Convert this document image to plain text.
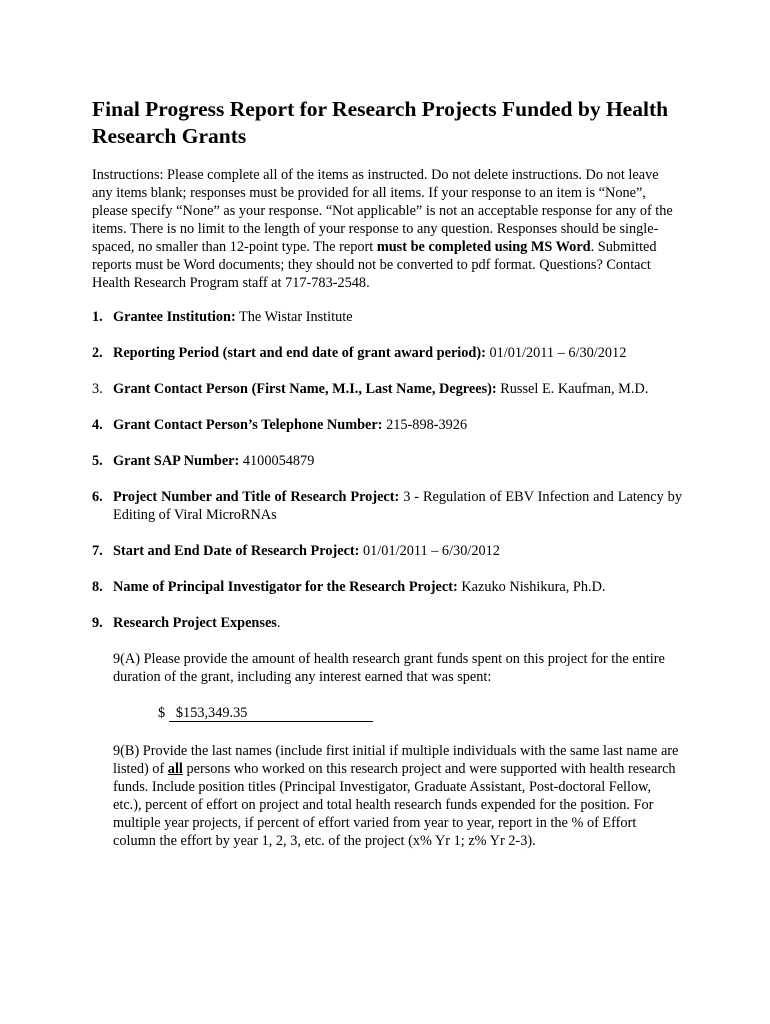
Final Progress Report for Research Projects Funded by Health Research Grants
Instructions: Please complete all of the items as instructed. Do not delete instructions. Do not leave any items blank; responses must be provided for all items. If your response to an item is “None”, please specify “None” as your response. “Not applicable” is not an acceptable response for any of the items. There is no limit to the length of your response to any question. Responses should be single-spaced, no smaller than 12-point type. The report must be completed using MS Word. Submitted reports must be Word documents; they should not be converted to pdf format. Questions? Contact Health Research Program staff at 717-783-2548.
1. Grantee Institution: The Wistar Institute
2. Reporting Period (start and end date of grant award period): 01/01/2011 – 6/30/2012
3. Grant Contact Person (First Name, M.I., Last Name, Degrees): Russel E. Kaufman, M.D.
4. Grant Contact Person’s Telephone Number: 215-898-3926
5. Grant SAP Number: 4100054879
6. Project Number and Title of Research Project: 3 - Regulation of EBV Infection and Latency by Editing of Viral MicroRNAs
7. Start and End Date of Research Project: 01/01/2011 – 6/30/2012
8. Name of Principal Investigator for the Research Project: Kazuko Nishikura, Ph.D.
9. Research Project Expenses.
9(A) Please provide the amount of health research grant funds spent on this project for the entire duration of the grant, including any interest earned that was spent:
$ $153,349.35
9(B) Provide the last names (include first initial if multiple individuals with the same last name are listed) of all persons who worked on this research project and were supported with health research funds. Include position titles (Principal Investigator, Graduate Assistant, Post-doctoral Fellow, etc.), percent of effort on project and total health research funds expended for the position. For multiple year projects, if percent of effort varied from year to year, report in the % of Effort column the effort by year 1, 2, 3, etc. of the project (x% Yr 1; z% Yr 2-3).
